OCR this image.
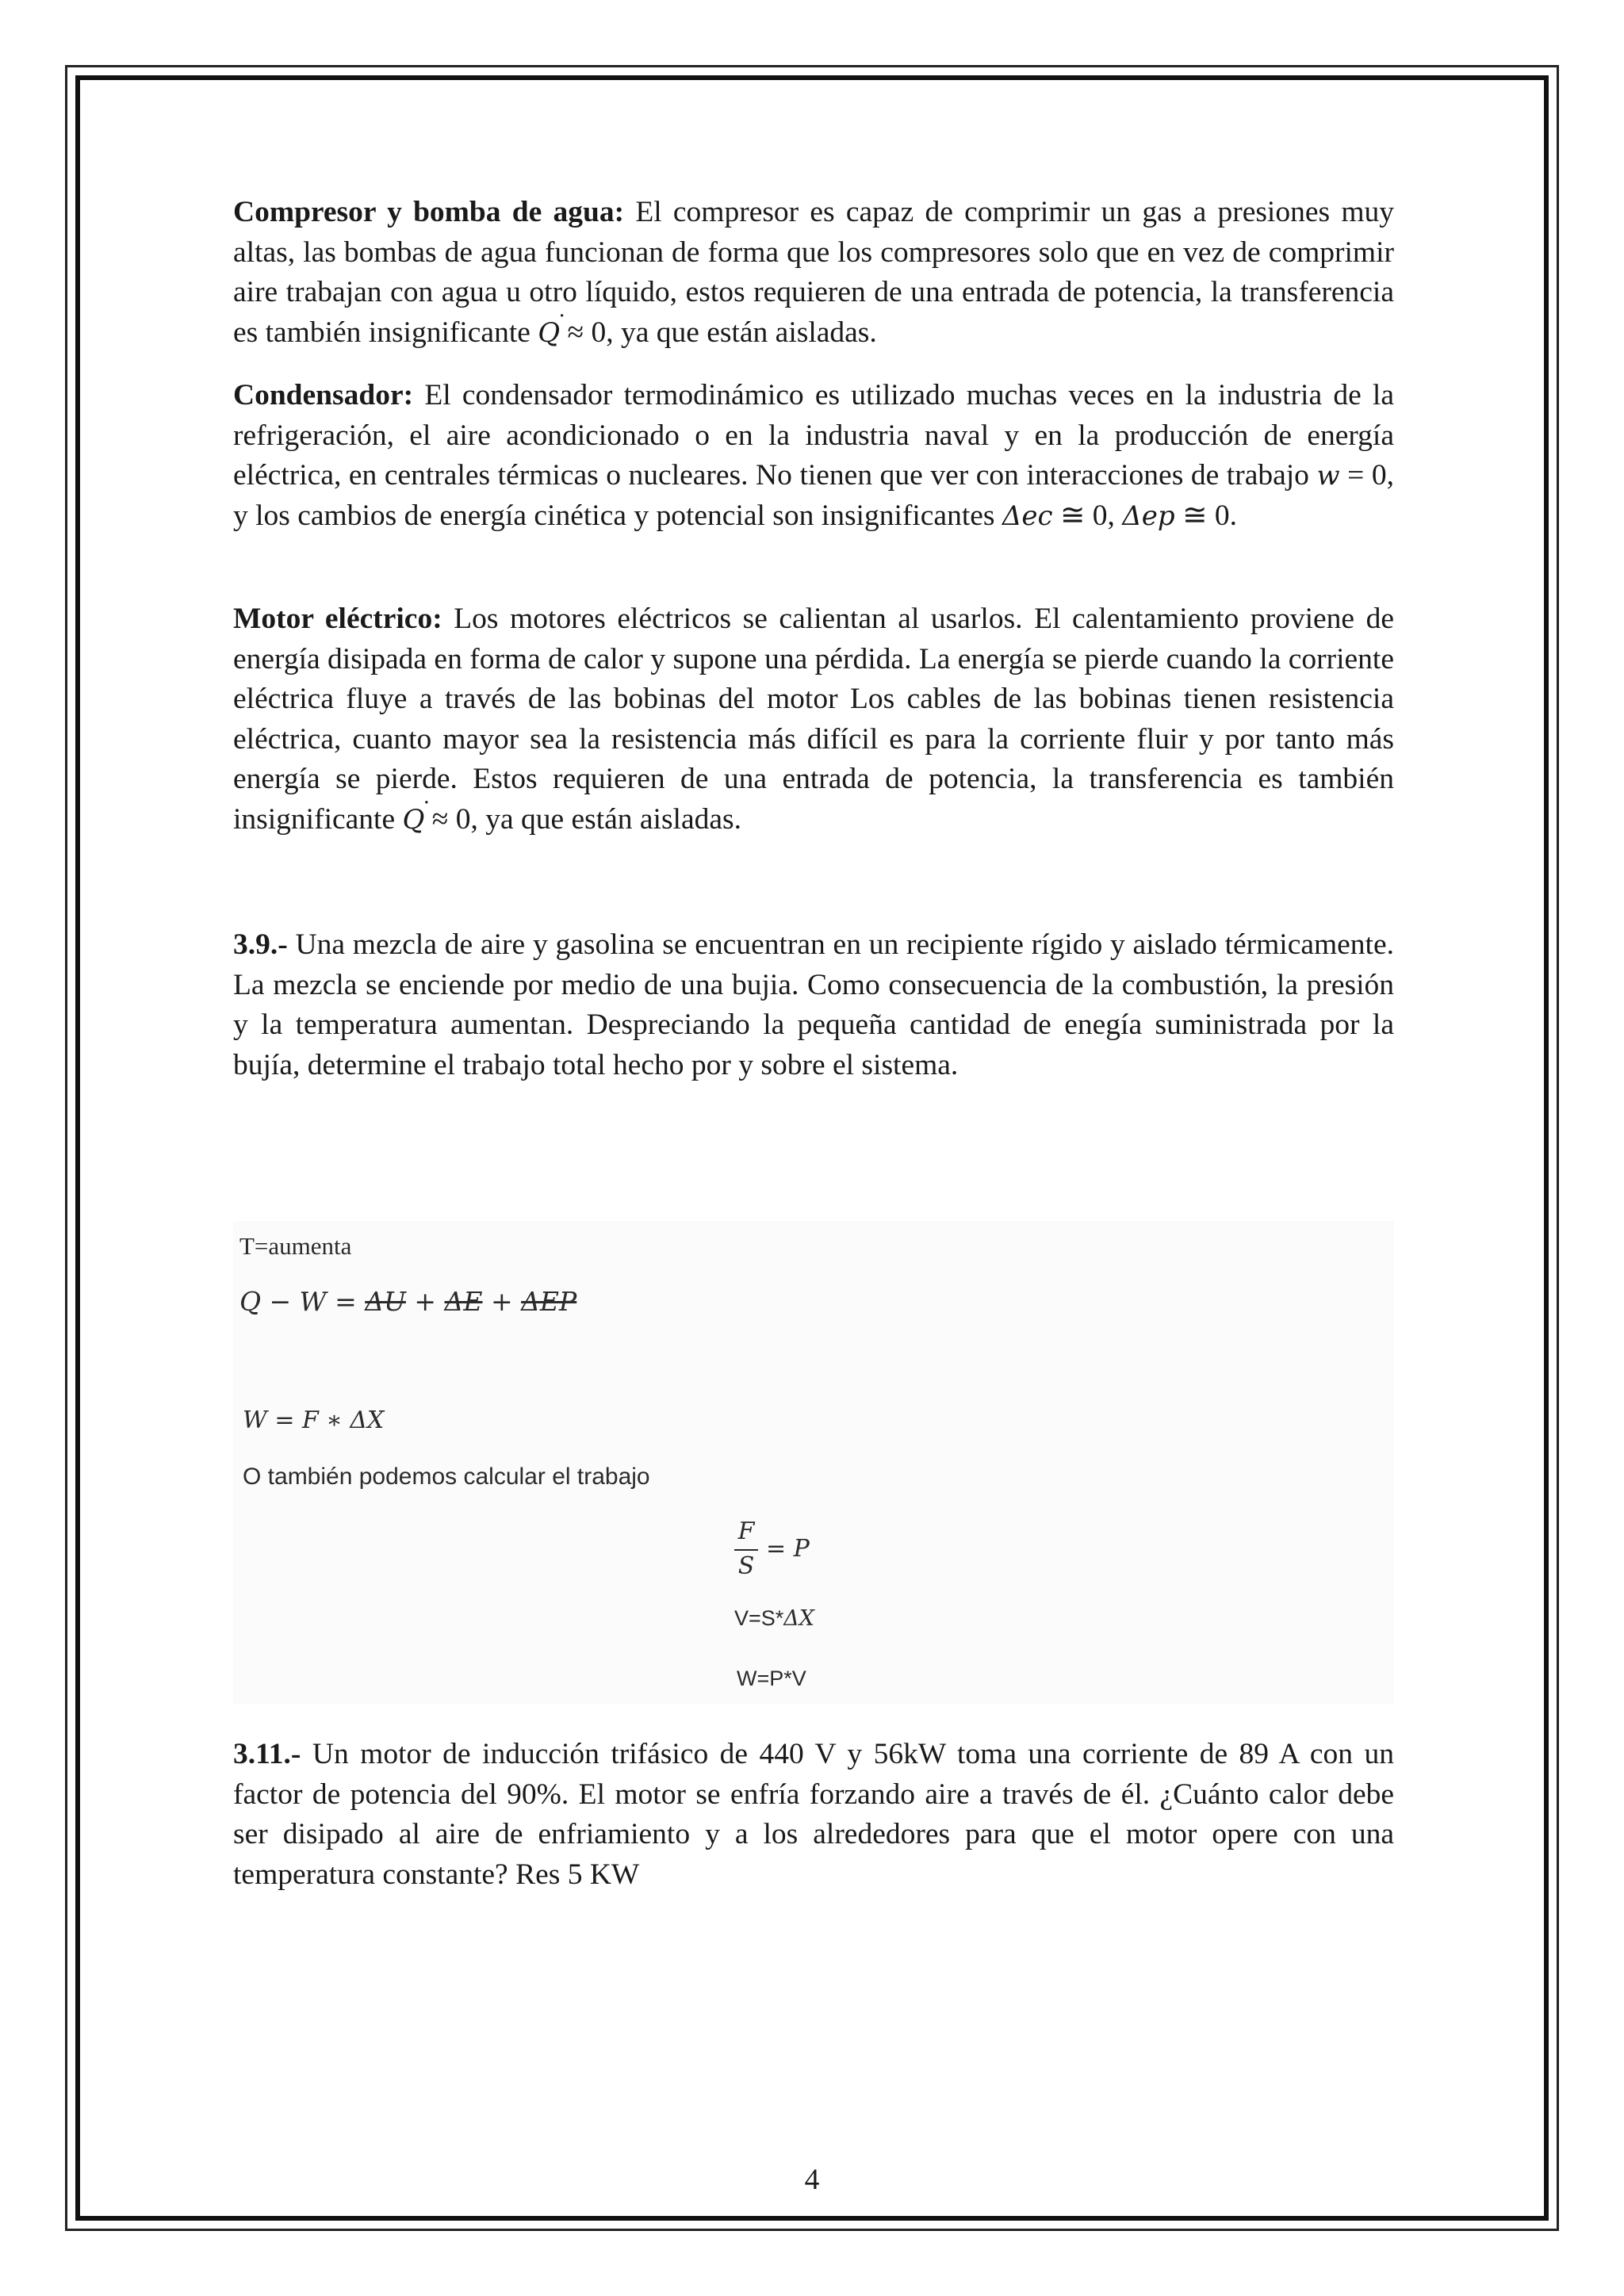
Compresor y bomba de agua: El compresor es capaz de comprimir un gas a presiones muy altas, las bombas de agua funcionan de forma que los compresores solo que en vez de comprimir aire trabajan con agua u otro líquido, estos requieren de una entrada de potencia, la transferencia es también insignificante Q ˙ ≈ 0, ya que están aisladas.

Condensador: El condensador termodinámico es utilizado muchas veces en la industria de la refrigeración, el aire acondicionado o en la industria naval y en la producción de energía eléctrica, en centrales térmicas o nucleares. No tienen que ver con interacciones de trabajo w = 0, y los cambios de energía cinética y potencial son insignificantes Δec ≅ 0, Δep ≅ 0.

Motor eléctrico: Los motores eléctricos se calientan al usarlos. El calentamiento proviene de energía disipada en forma de calor y supone una pérdida. La energía se pierde cuando la corriente eléctrica fluye a través de las bobinas del motor Los cables de las bobinas tienen resistencia eléctrica, cuanto mayor sea la resistencia más difícil es para la corriente fluir y por tanto más energía se pierde. Estos requieren de una entrada de potencia, la transferencia es también insignificante Q ˙ ≈ 0, ya que están aisladas.

3.9.- Una mezcla de aire y gasolina se encuentran en un recipiente rígido y aislado térmicamente. La mezcla se enciende por medio de una bujia. Como consecuencia de la combustión, la presión y la temperatura aumentan. Despreciando la pequeña cantidad de enegía suministrada por la bujía, determine el trabajo total hecho por y sobre el sistema.

T=aumenta
Q − W = ΔU + ΔE + ΔEP
W = F ∗ ΔX
O también podemos calcular el trabajo
F
S
= P
V=S*ΔX
W=P*V

3.11.- Un motor de inducción trifásico de 440 V y 56kW toma una corriente de 89 A con un factor de potencia del 90%. El motor se enfría forzando aire a través de él. ¿Cuánto calor debe ser disipado al aire de enfriamiento y a los alrededores para que el motor opere con una temperatura constante? Res 5 KW

4
